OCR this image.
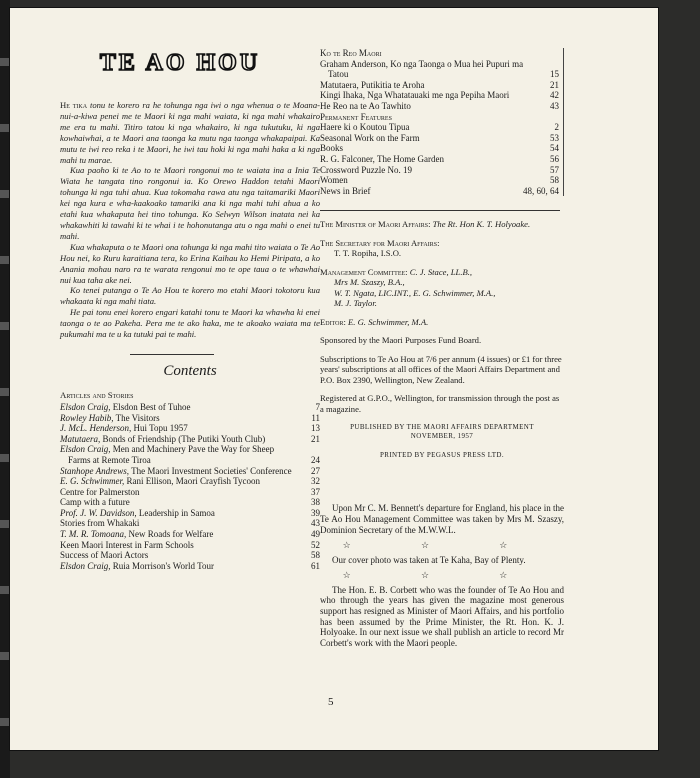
TE AO HOU

He tika tonu te korero ra he tohunga nga iwi o nga whenua o te Moana-nui-a-kiwa penei me te Maori ki nga mahi waiata, ki nga mahi whakairo me era tu mahi. Titiro tatou ki nga whakairo, ki nga tukutuku, ki nga kowhaiwhai, a te Maori ana taonga ka mutu nga taonga whakapaipai. Ka mutu te iwi reo reka i te Maori, he iwi tau hoki ki nga mahi haka a ki nga mahi tu marae.

Kua paoho ki te Ao to te Maori rongonui mo te waiata ina a Inia Te Wiata he tangata tino rongonui ia. Ko Orewo Haddon tetahi Maori tohunga ki nga tuhi ahua. Kua tokomaha rawa atu nga taitamariki Maori kei nga kura e wha-kaakoako tamariki ana ki nga mahi tuhi ahua a ko etahi kua whakaputa hei tino tohunga. Ko Selwyn Wilson inatata nei ka whakawhiti ki tawahi ki te whai i te hohonutanga atu o nga mahi o enei tu mahi.

Kua whakaputa o te Maori ona tohunga ki nga mahi tito waiata o Te Ao Hou nei, ko Ruru karaitiana tera, ko Erina Kaihau ko Hemi Piripata, a ko Anania mohau naro ra te warata rengonui mo te ope taua o te whawhai nui kua taha ake nei.

Ko tenei putanga o Te Ao Hou te korero mo etahi Maori tokotoru kua whakaata ki nga mahi tiata.

He pai tonu enei korero engari katahi tonu te Maori ka whawha ki enei taonga o te ao Pakeha. Pera me te ako haka, me te akoako waiata ma te pukumahi ma te u ka tutuki pai te mahi.

Contents
Articles and Stories
Elsdon Craig, Elsdon Best of Tuhoe	7
Rowley Habib, The Visitors	11
J. McL. Henderson, Hui Topu 1957	13
Matutaera, Bonds of Friendship (The Putiki Youth Club)	21
Elsdon Craig, Men and Machinery Pave the Way for Sheep Farms at Remote Tiroa	24
Stanhope Andrews, The Maori Investment Societies' Conference	27
E. G. Schwimmer, Rani Ellison, Maori Crayfish Tycoon	32
Centre for Palmerston	37
Camp with a future	38
Prof. J. W. Davidson, Leadership in Samoa	39
Stories from Whakaki	43
T. M. R. Tomoana, New Roads for Welfare	49
Keen Maori Interest in Farm Schools	52
Success of Maori Actors	58
Elsdon Craig, Ruia Morrison's World Tour	61
Ko te Reo Maori
Graham Anderson, Ko nga Taonga o Mua hei Pupuri ma Tatou	15
Matutaera, Putikitia te Aroha	21
Kingi Ihaka, Nga Whatatauaki me nga Pepiha Maori	42
He Reo na te Ao Tawhito	43
Permanent Features
Haere ki o Koutou Tipua	2
Seasonal Work on the Farm	53
Books	54
R. G. Falconer, The Home Garden	56
Crossword Puzzle No. 19	57
Women	58
News in Brief	48, 60, 64
The Minister of Maori Affairs: The Rt. Hon K. T. Holyoake.
The Secretary for Maori Affairs:
T. T. Ropiha, I.S.O.
Management Committee: C. J. Stace, LL.B.,
Mrs M. Szaszy, B.A.,
W. T. Ngata, LIC.INT., E. G. Schwimmer, M.A.,
M. J. Taylor.
Editor: E. G. Schwimmer, M.A.
Sponsored by the Maori Purposes Fund Board.
Subscriptions to Te Ao Hou at 7/6 per annum (4 issues) or £1 for three years' subscriptions at all offices of the Maori Affairs Department and P.O. Box 2390, Wellington, New Zealand.
Registered at G.P.O., Wellington, for transmission through the post as a magazine.
PUBLISHED BY THE MAORI AFFAIRS DEPARTMENT
NOVEMBER, 1957
PRINTED BY PEGASUS PRESS LTD.

Upon Mr C. M. Bennett's departure for England, his place in the Te Ao Hou Management Committee was taken by Mrs M. Szaszy, Dominion Secretary of the M.W.W.L.

☆ ☆ ☆

Our cover photo was taken at Te Kaha, Bay of Plenty.

☆ ☆ ☆

The Hon. E. B. Corbett who was the founder of Te Ao Hou and who through the years has given the magazine most generous support has resigned as Minister of Maori Affairs, and his portfolio has been assumed by the Prime Minister, the Rt. Hon. K. J. Holyoake. In our next issue we shall publish an article to record Mr Corbett's work with the Maori people.

5
